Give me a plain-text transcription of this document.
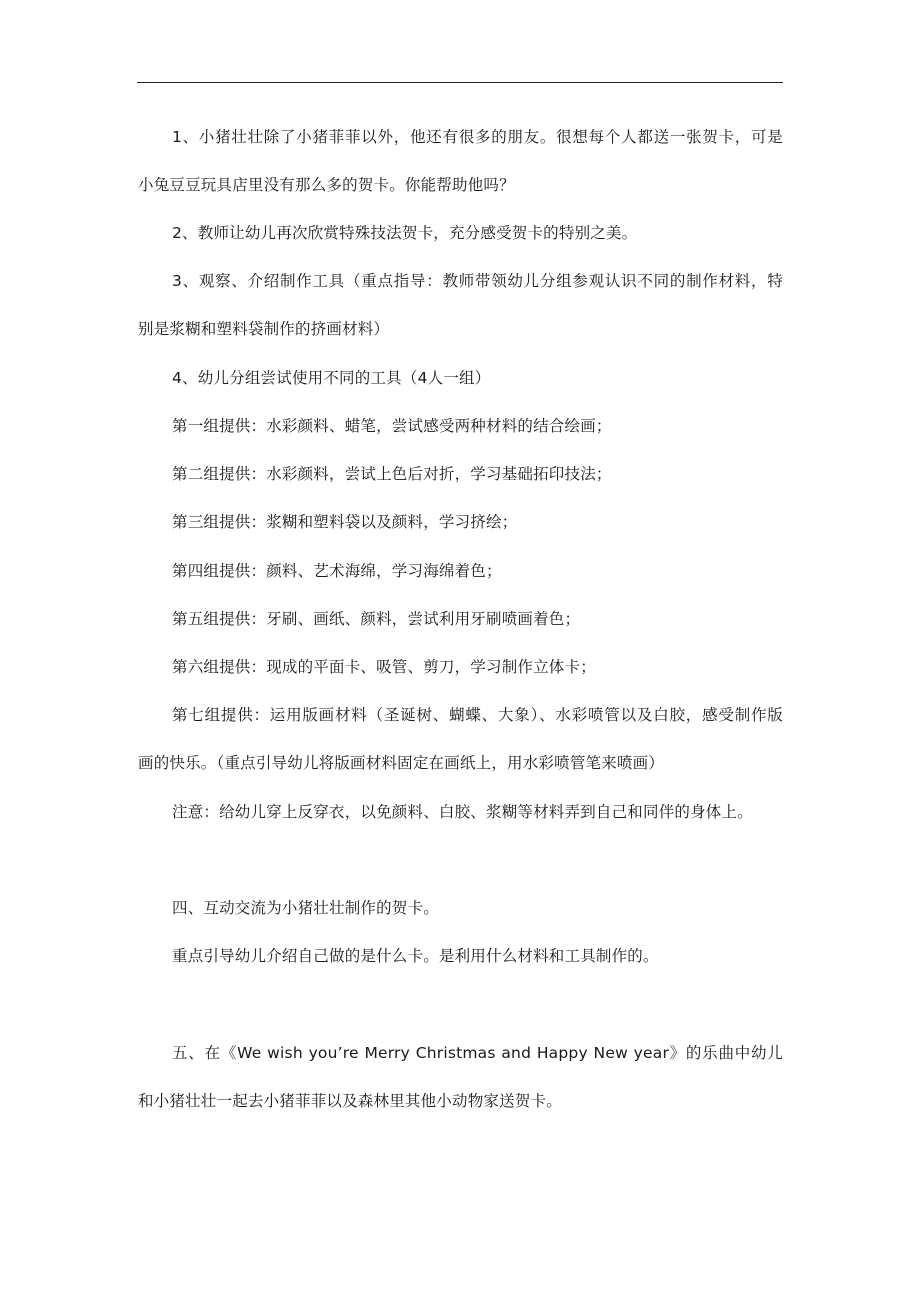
1、小猪壮壮除了小猪菲菲以外，他还有很多的朋友。很想每个人都送一张贺卡，可是
小兔豆豆玩具店里没有那么多的贺卡。你能帮助他吗？
2、教师让幼儿再次欣赏特殊技法贺卡，充分感受贺卡的特别之美。
3、观察、介绍制作工具（重点指导：教师带领幼儿分组参观认识不同的制作材料，特
别是浆糊和塑料袋制作的挤画材料）
4、幼儿分组尝试使用不同的工具（4人一组）
第一组提供：水彩颜料、蜡笔，尝试感受两种材料的结合绘画；
第二组提供：水彩颜料，尝试上色后对折，学习基础拓印技法；
第三组提供：浆糊和塑料袋以及颜料，学习挤绘；
第四组提供：颜料、艺术海绵，学习海绵着色；
第五组提供：牙刷、画纸、颜料，尝试利用牙刷喷画着色；
第六组提供：现成的平面卡、吸管、剪刀，学习制作立体卡；
第七组提供：运用版画材料（圣诞树、蝴蝶、大象）、水彩喷管以及白胶，感受制作版
画的快乐。（重点引导幼儿将版画材料固定在画纸上，用水彩喷管笔来喷画）
注意：给幼儿穿上反穿衣，以免颜料、白胶、浆糊等材料弄到自己和同伴的身体上。
四、互动交流为小猪壮壮制作的贺卡。
重点引导幼儿介绍自己做的是什么卡。是利用什么材料和工具制作的。
五、在《We wish you’re Merry Christmas and Happy New year》的乐曲中幼儿
和小猪壮壮一起去小猪菲菲以及森林里其他小动物家送贺卡。
